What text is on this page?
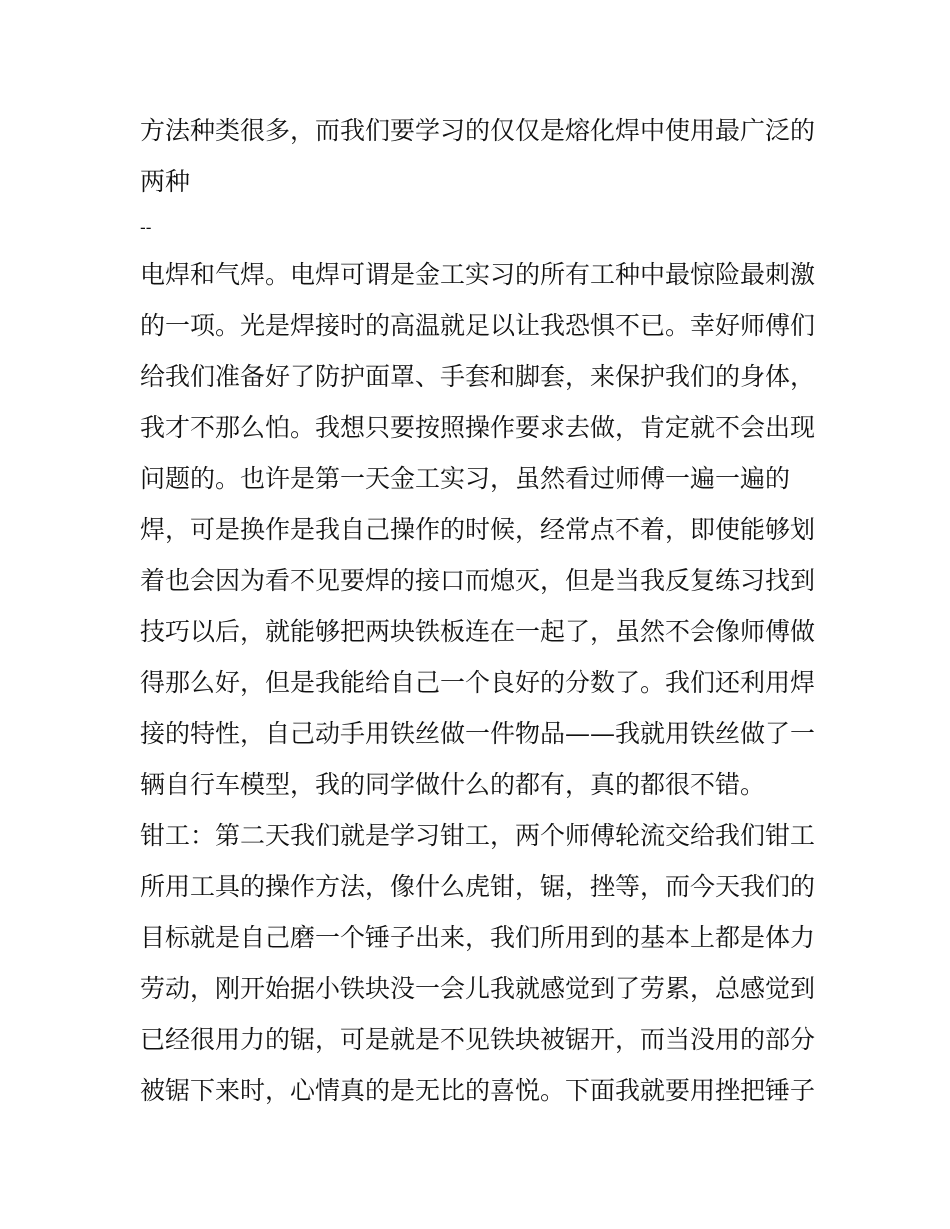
方法种类很多，而我们要学习的仅仅是熔化焊中使用最广泛的
两种
--
电焊和气焊。电焊可谓是金工实习的所有工种中最惊险最刺激
的一项。光是焊接时的高温就足以让我恐惧不已。幸好师傅们
给我们准备好了防护面罩、手套和脚套，来保护我们的身体，
我才不那么怕。我想只要按照操作要求去做，肯定就不会出现
问题的。也许是第一天金工实习，虽然看过师傅一遍一遍的
焊，可是换作是我自己操作的时候，经常点不着，即使能够划
着也会因为看不见要焊的接口而熄灭，但是当我反复练习找到
技巧以后，就能够把两块铁板连在一起了，虽然不会像师傅做
得那么好，但是我能给自己一个良好的分数了。我们还利用焊
接的特性，自己动手用铁丝做一件物品——我就用铁丝做了一
辆自行车模型，我的同学做什么的都有，真的都很不错。
钳工：第二天我们就是学习钳工，两个师傅轮流交给我们钳工
所用工具的操作方法，像什么虎钳，锯，挫等，而今天我们的
目标就是自己磨一个锤子出来，我们所用到的基本上都是体力
劳动，刚开始据小铁块没一会儿我就感觉到了劳累，总感觉到
已经很用力的锯，可是就是不见铁块被锯开，而当没用的部分
被锯下来时，心情真的是无比的喜悦。下面我就要用挫把锤子
